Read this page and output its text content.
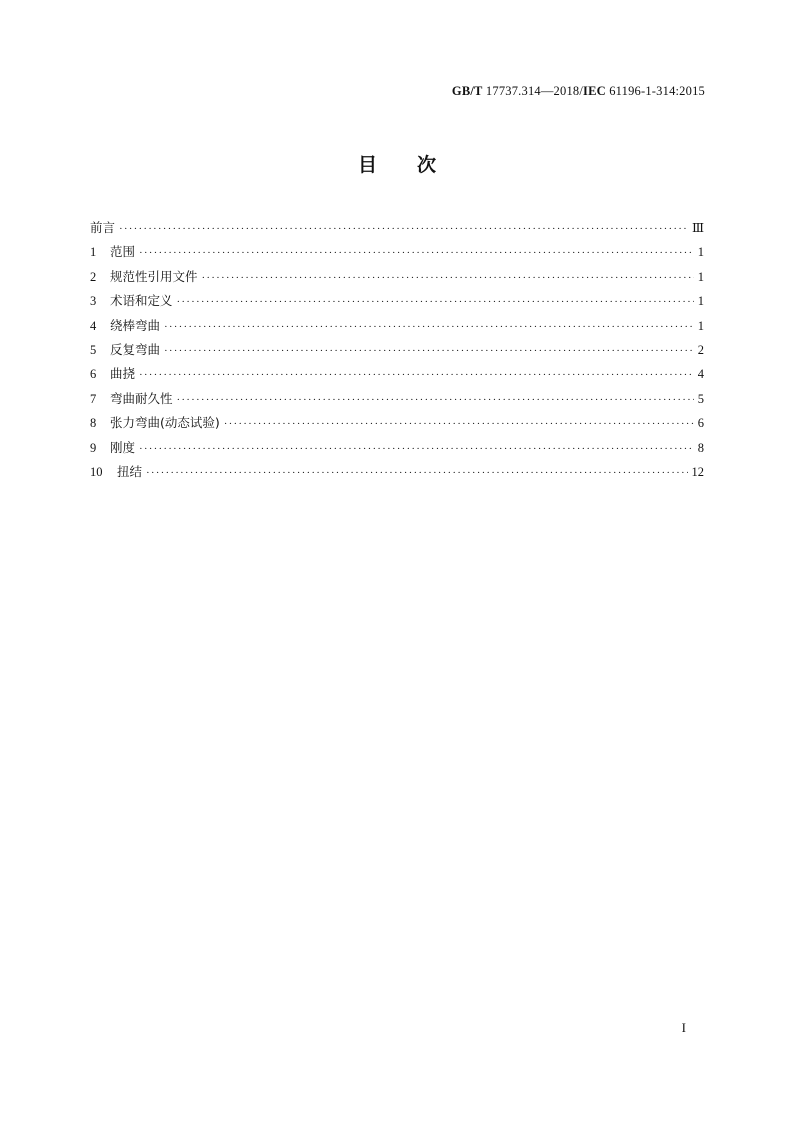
GB/T 17737.314—2018/IEC 61196-1-314:2015
目次
前言 ·····	Ⅲ
1	范围 ·····	1
2	规范性引用文件 ·····	1
3	术语和定义 ·····	1
4	绕棒弯曲 ·····	1
5	反复弯曲 ·····	2
6	曲挠 ·····	4
7	弯曲耐久性 ·····	5
8	张力弯曲(动态试验) ·····	6
9	刚度 ·····	8
10	扭结 ·····	12
I
